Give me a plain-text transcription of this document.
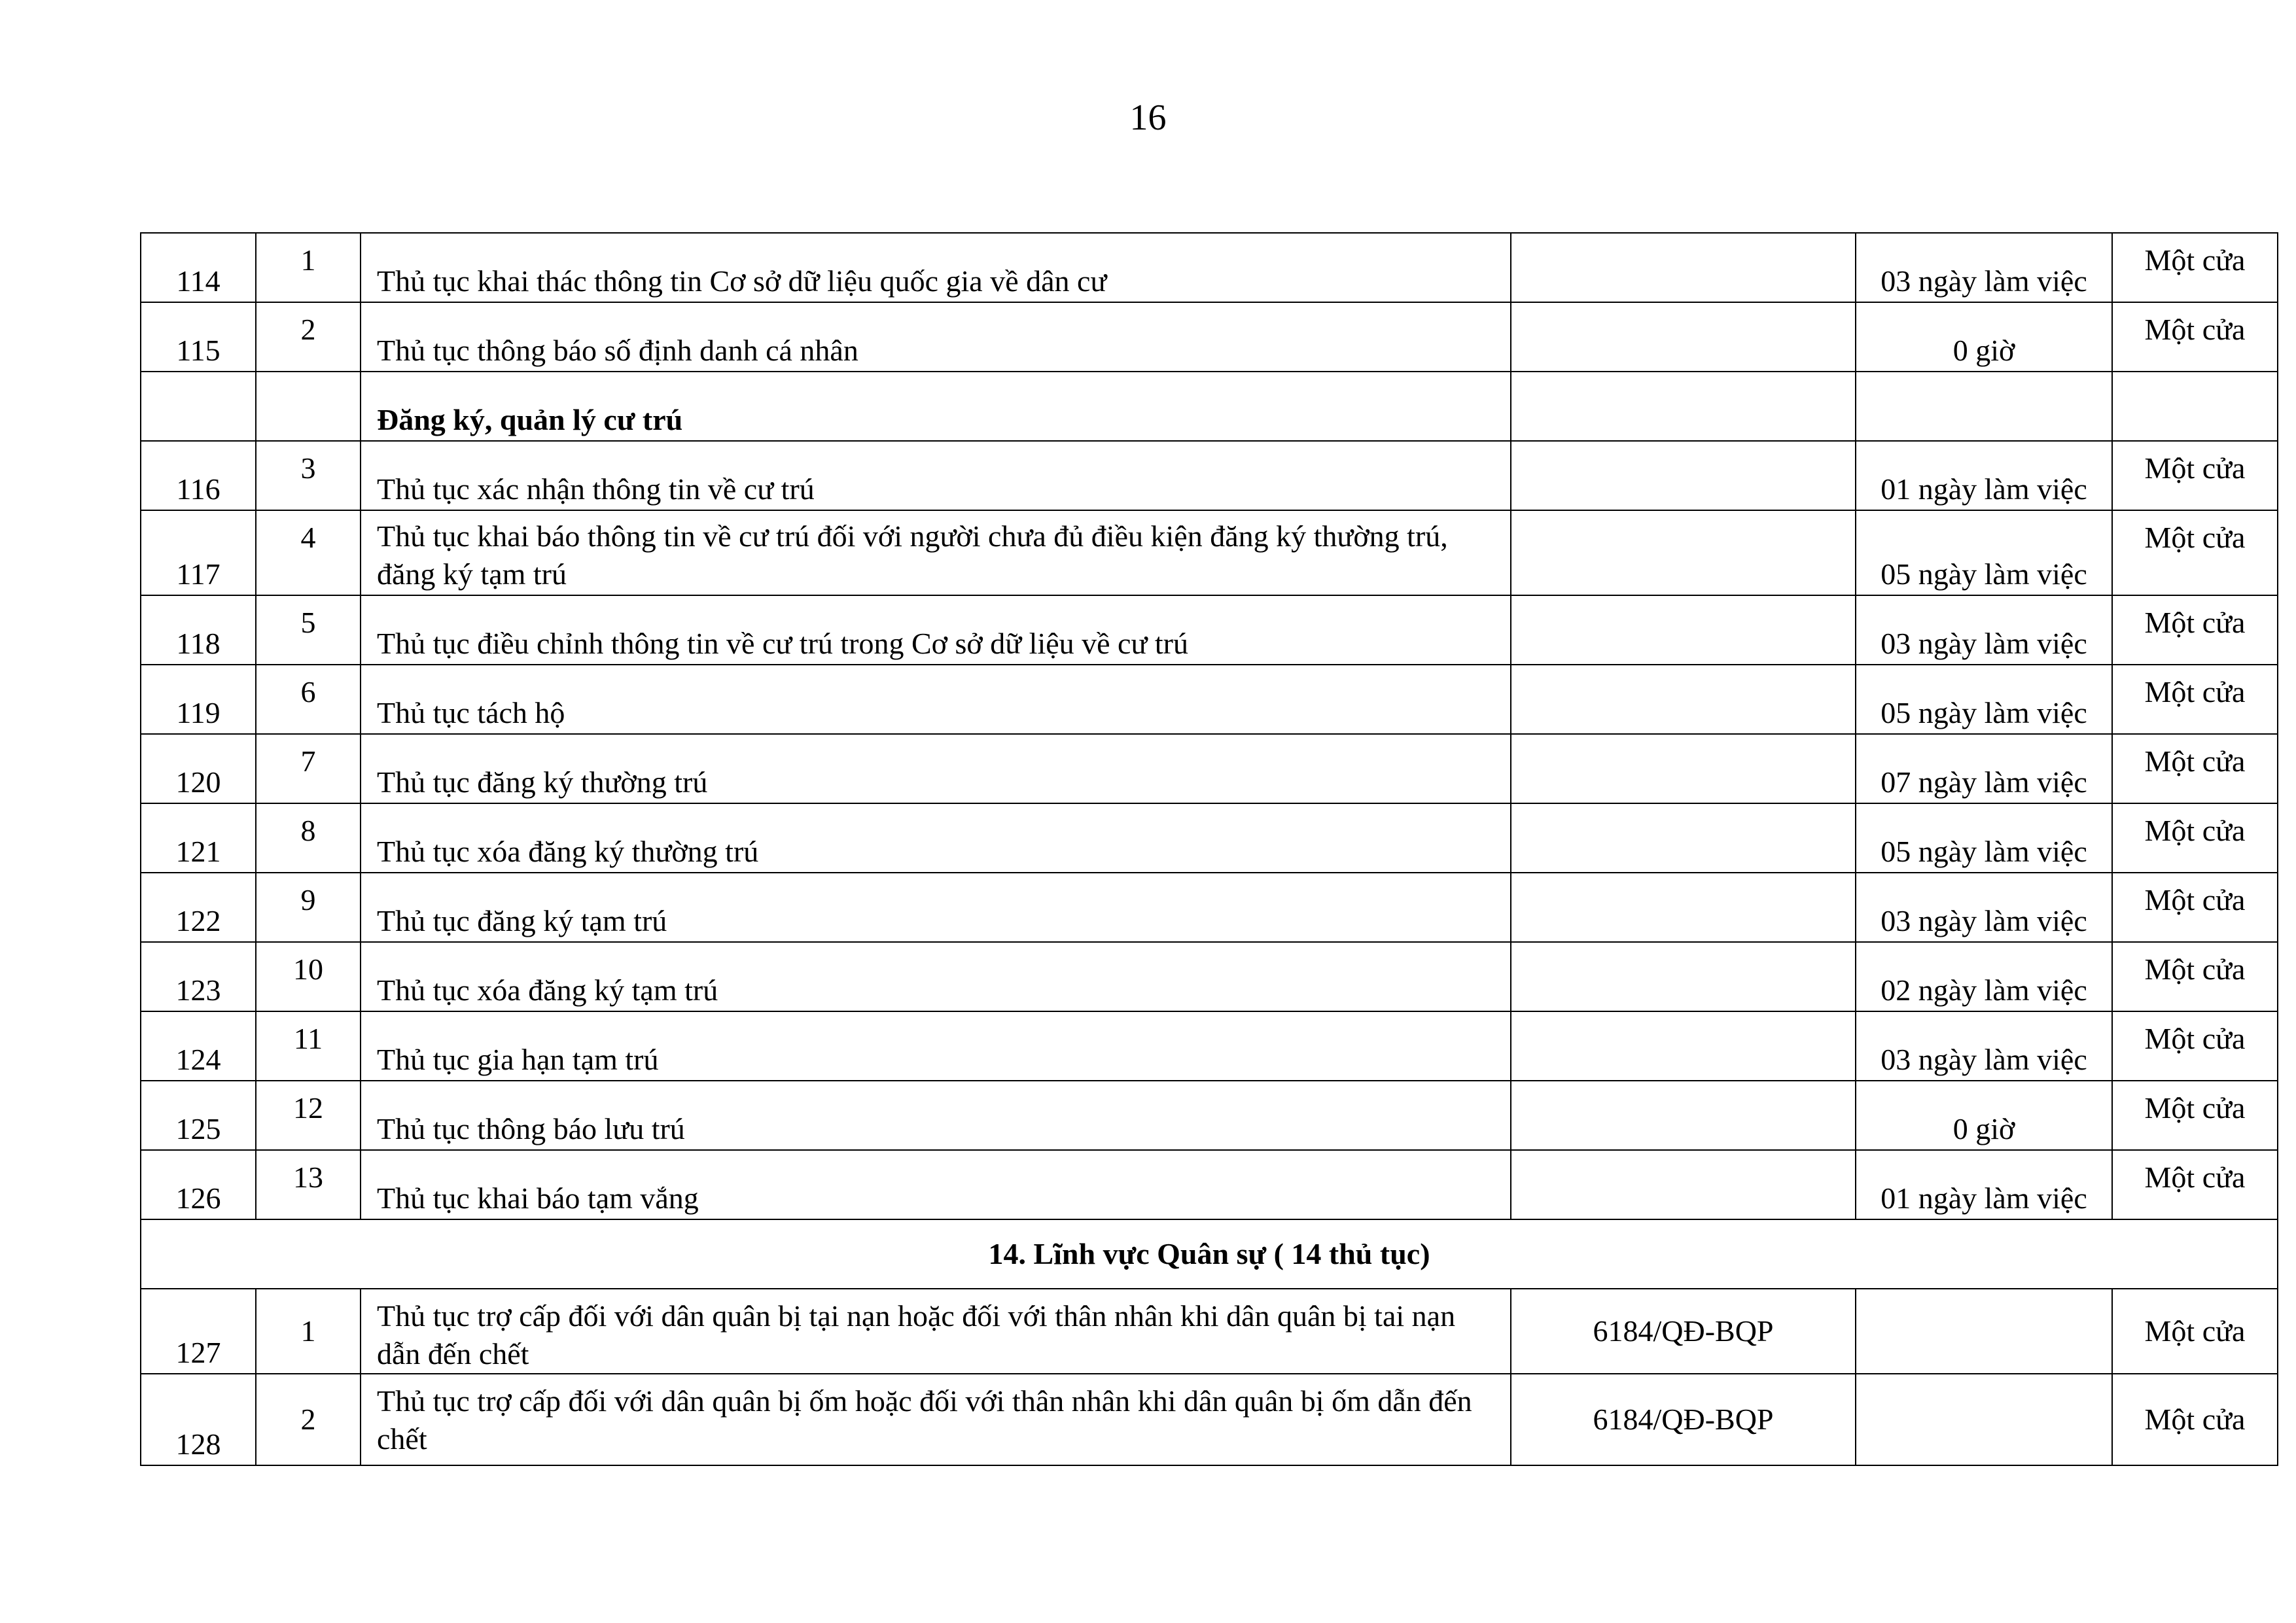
16
114	1	Thủ tục khai thác thông tin Cơ sở dữ liệu quốc gia về dân cư		03 ngày làm việc	Một cửa
115	2	Thủ tục thông báo số định danh cá nhân		0 giờ	Một cửa
		Đăng ký, quản lý cư trú			
116	3	Thủ tục xác nhận thông tin về cư trú		01 ngày làm việc	Một cửa
117	4	Thủ tục khai báo thông tin về cư trú đối với người chưa đủ điều kiện đăng ký thường trú, đăng ký tạm trú		05 ngày làm việc	Một cửa
118	5	Thủ tục điều chỉnh thông tin về cư trú trong Cơ sở dữ liệu về cư trú		03 ngày làm việc	Một cửa
119	6	Thủ tục tách hộ		05 ngày làm việc	Một cửa
120	7	Thủ tục đăng ký thường trú		07 ngày làm việc	Một cửa
121	8	Thủ tục xóa đăng ký thường trú		05 ngày làm việc	Một cửa
122	9	Thủ tục đăng ký tạm trú		03 ngày làm việc	Một cửa
123	10	Thủ tục xóa đăng ký tạm trú		02 ngày làm việc	Một cửa
124	11	Thủ tục gia hạn tạm trú		03 ngày làm việc	Một cửa
125	12	Thủ tục thông báo lưu trú		0 giờ	Một cửa
126	13	Thủ tục khai báo tạm vắng		01 ngày làm việc	Một cửa
14. Lĩnh vực Quân sự ( 14 thủ tục)					
127	1	Thủ tục trợ cấp đối với dân quân bị tại nạn hoặc đối với thân nhân khi dân quân bị tai nạn dẫn đến chết	6184/QĐ-BQP		Một cửa
128	2	Thủ tục trợ cấp đối với dân quân bị ốm hoặc đối với thân nhân khi dân quân bị ốm dẫn đến chết	6184/QĐ-BQP		Một cửa
